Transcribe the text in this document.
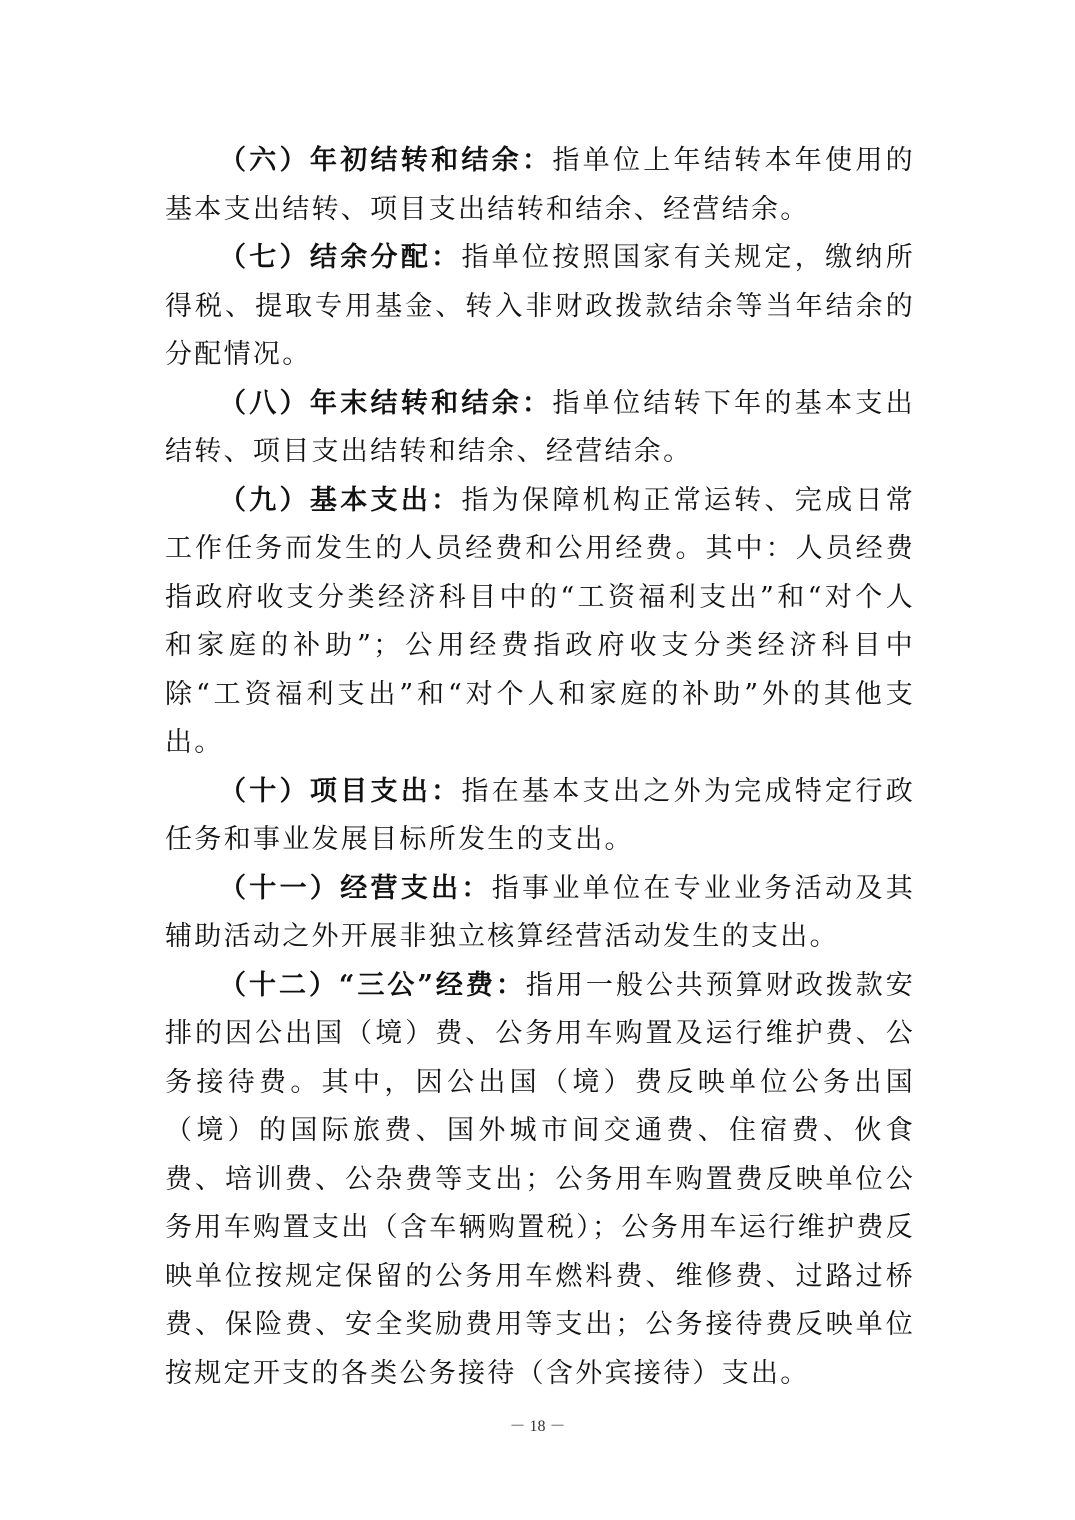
（六）年初结转和结余：指单位上年结转本年使用的基本支出结转、项目支出结转和结余、经营结余。

（七）结余分配：指单位按照国家有关规定，缴纳所得税、提取专用基金、转入非财政拨款结余等当年结余的分配情况。

（八）年末结转和结余：指单位结转下年的基本支出结转、项目支出结转和结余、经营结余。

（九）基本支出：指为保障机构正常运转、完成日常工作任务而发生的人员经费和公用经费。其中：人员经费指政府收支分类经济科目中的“工资福利支出”和“对个人和家庭的补助”；公用经费指政府收支分类经济科目中除“工资福利支出”和“对个人和家庭的补助”外的其他支出。

（十）项目支出：指在基本支出之外为完成特定行政任务和事业发展目标所发生的支出。

（十一）经营支出：指事业单位在专业业务活动及其辅助活动之外开展非独立核算经营活动发生的支出。

（十二）“三公”经费：指用一般公共预算财政拨款安排的因公出国（境）费、公务用车购置及运行维护费、公务接待费。其中，因公出国（境）费反映单位公务出国（境）的国际旅费、国外城市间交通费、住宿费、伙食费、培训费、公杂费等支出；公务用车购置费反映单位公务用车购置支出（含车辆购置税）；公务用车运行维护费反映单位按规定保留的公务用车燃料费、维修费、过路过桥费、保险费、安全奖励费用等支出；公务接待费反映单位按规定开支的各类公务接待（含外宾接待）支出。

－ 18 －
